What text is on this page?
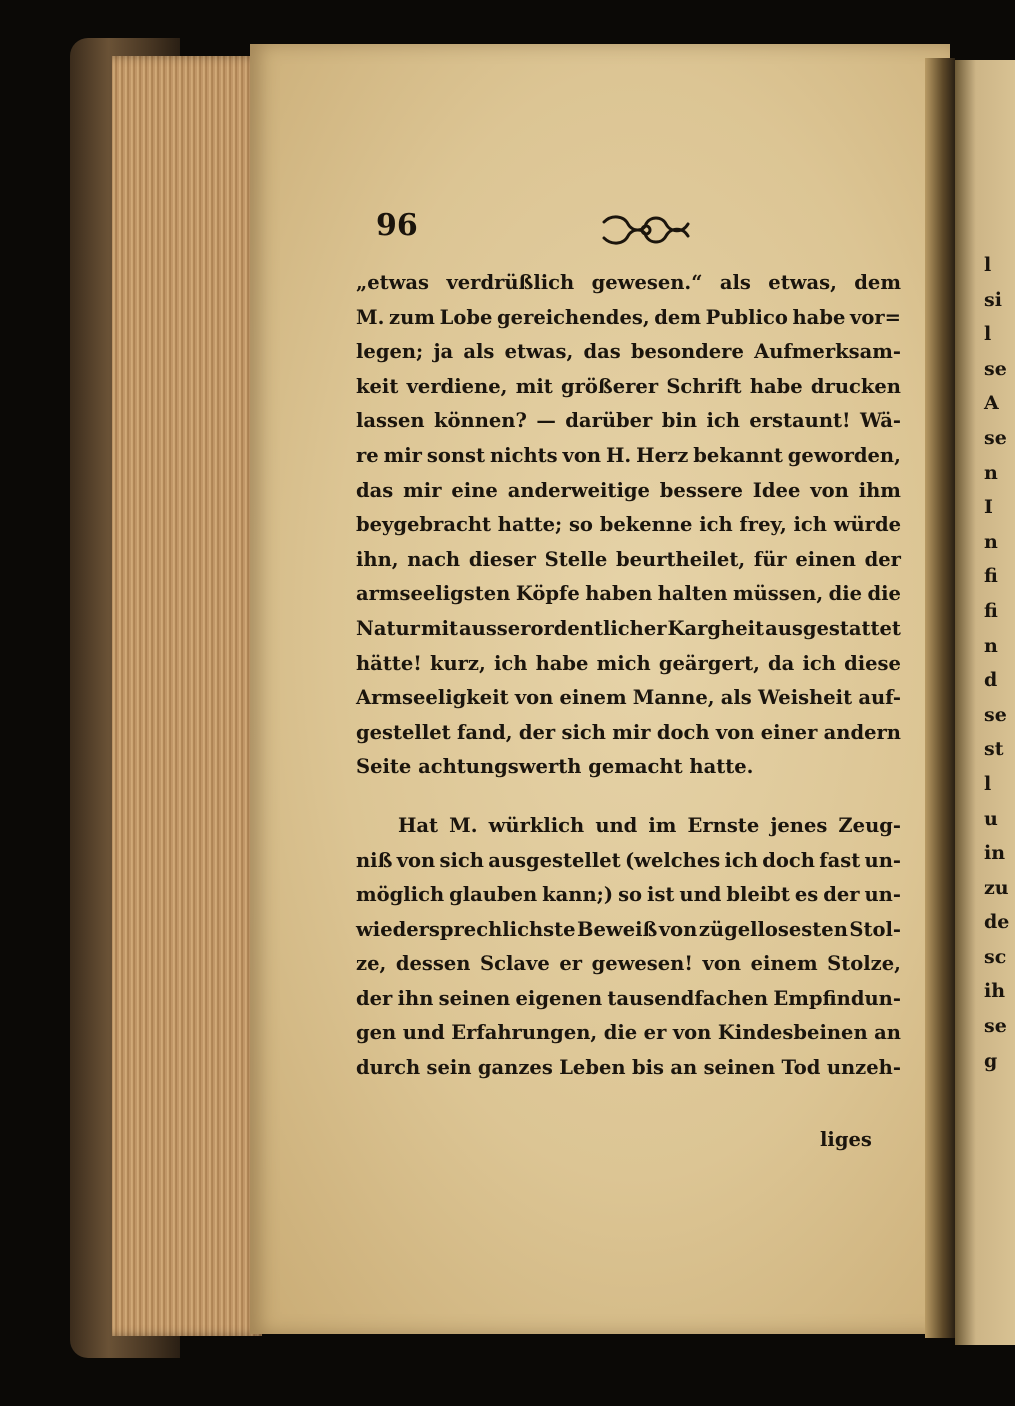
96
„etwas verdrüßlich gewesen.“ als etwas, dem
M. zum Lobe gereichendes, dem Publico habe vor=
legen; ja als etwas, das besondere Aufmerksam-
keit verdiene, mit größerer Schrift habe drucken
lassen können? — darüber bin ich erstaunt! Wä-
re mir sonst nichts von H. Herz bekannt geworden,
das mir eine anderweitige bessere Idee von ihm
beygebracht hatte; so bekenne ich frey, ich würde
ihn, nach dieser Stelle beurtheilet, für einen der
armseeligsten Köpfe haben halten müssen, die die
Natur mit ausserordentlicher Kargheit ausgestattet
hätte! kurz, ich habe mich geärgert, da ich diese
Armseeligkeit von einem Manne, als Weisheit auf-
gestellet fand, der sich mir doch von einer andern
Seite
achtungswerth
gemacht
hatte.
Hat M. würklich und im Ernste jenes Zeug-
niß von sich ausgestellet (welches ich doch fast un-
möglich glauben kann;) so ist und bleibt es der un-
wiedersprechlichste Beweiß von zügellosesten Stol-
ze, dessen Sclave er gewesen! von einem Stolze,
der ihn seinen eigenen tausendfachen Empfindun-
gen und Erfahrungen, die er von Kindesbeinen an
durch sein ganzes Leben bis an seinen Tod unzeh-
liges
l
si
l
se
A
se
n
I
n
fi
fi
n
d
se
st
l
u
in
zu
de
sc
ih
se
g
